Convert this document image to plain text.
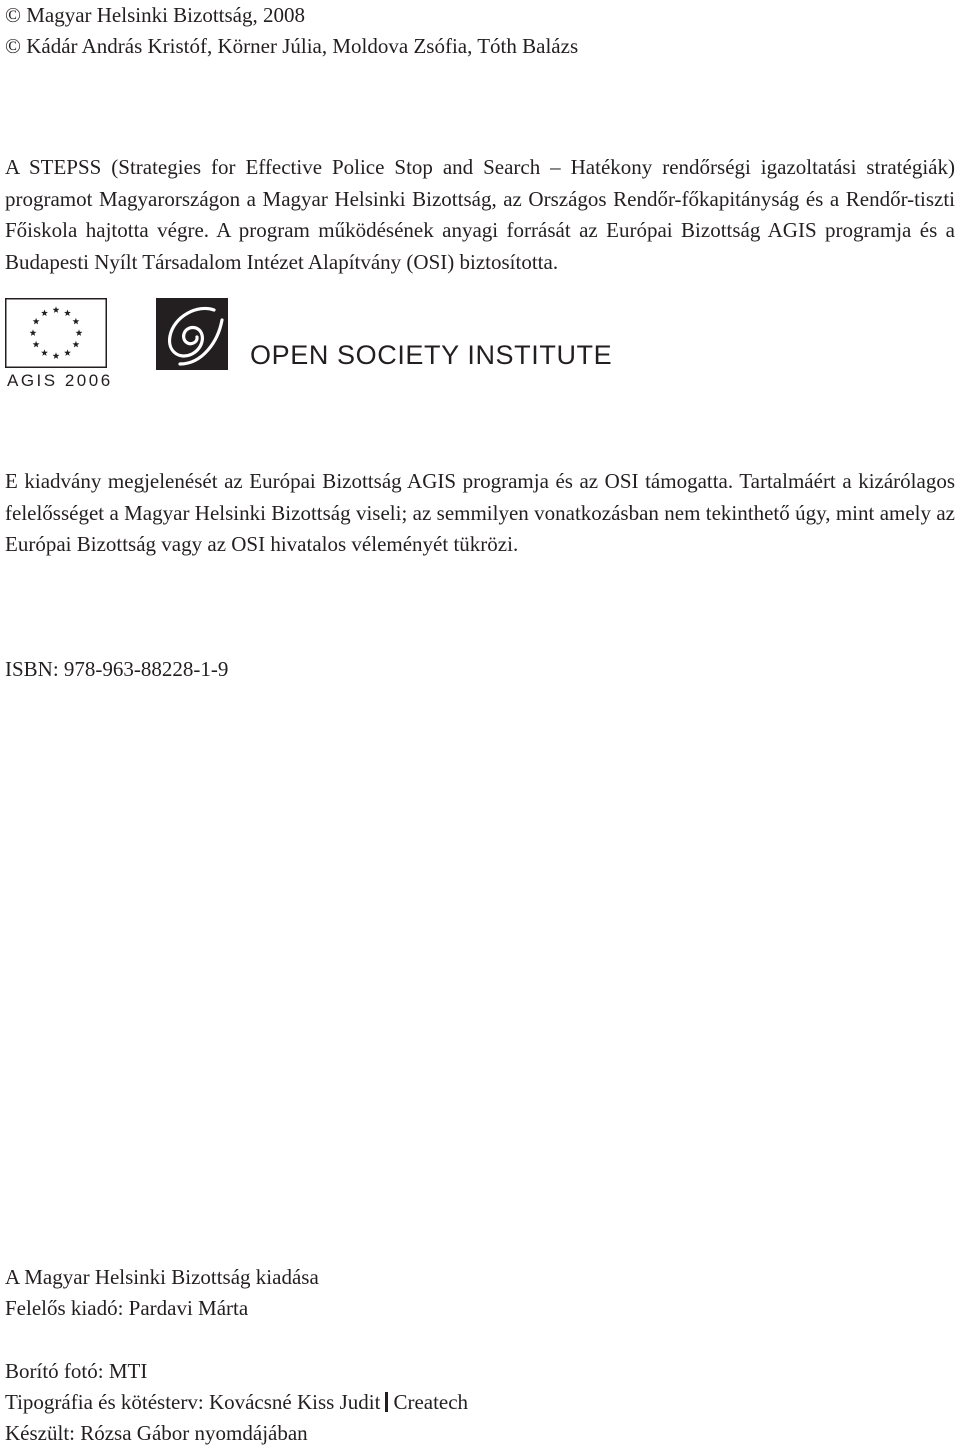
© Magyar Helsinki Bizottság, 2008
© Kádár András Kristóf, Körner Júlia, Moldova Zsófia, Tóth Balázs

A STEPSS (Strategies for Effective Police Stop and Search – Hatékony rendőrségi igazoltatási stratégiák) programot Magyarországon a Magyar Helsinki Bizottság, az Országos Rendőr-főkapitányság és a Rendőr-tiszti Főiskola hajtotta végre. A program működésének anyagi forrását az Európai Bizottság AGIS programja és a Budapesti Nyílt Társadalom Intézet Alapítvány (OSI) biztosította.

AGIS 2006
OPEN SOCIETY INSTITUTE

E kiadvány megjelenését az Európai Bizottság AGIS programja és az OSI támogatta. Tartalmáért a kizárólagos felelősséget a Magyar Helsinki Bizottság viseli; az semmilyen vonatkozásban nem tekinthető úgy, mint amely az Európai Bizottság vagy az OSI hivatalos véleményét tükrözi.

ISBN: 978-963-88228-1-9
A Magyar Helsinki Bizottság kiadása
Felelős kiadó: Pardavi Márta
Borító fotó: MTI
Tipográfia és kötésterv: Kovácsné Kiss Judit Createch
Készült: Rózsa Gábor nyomdájában
